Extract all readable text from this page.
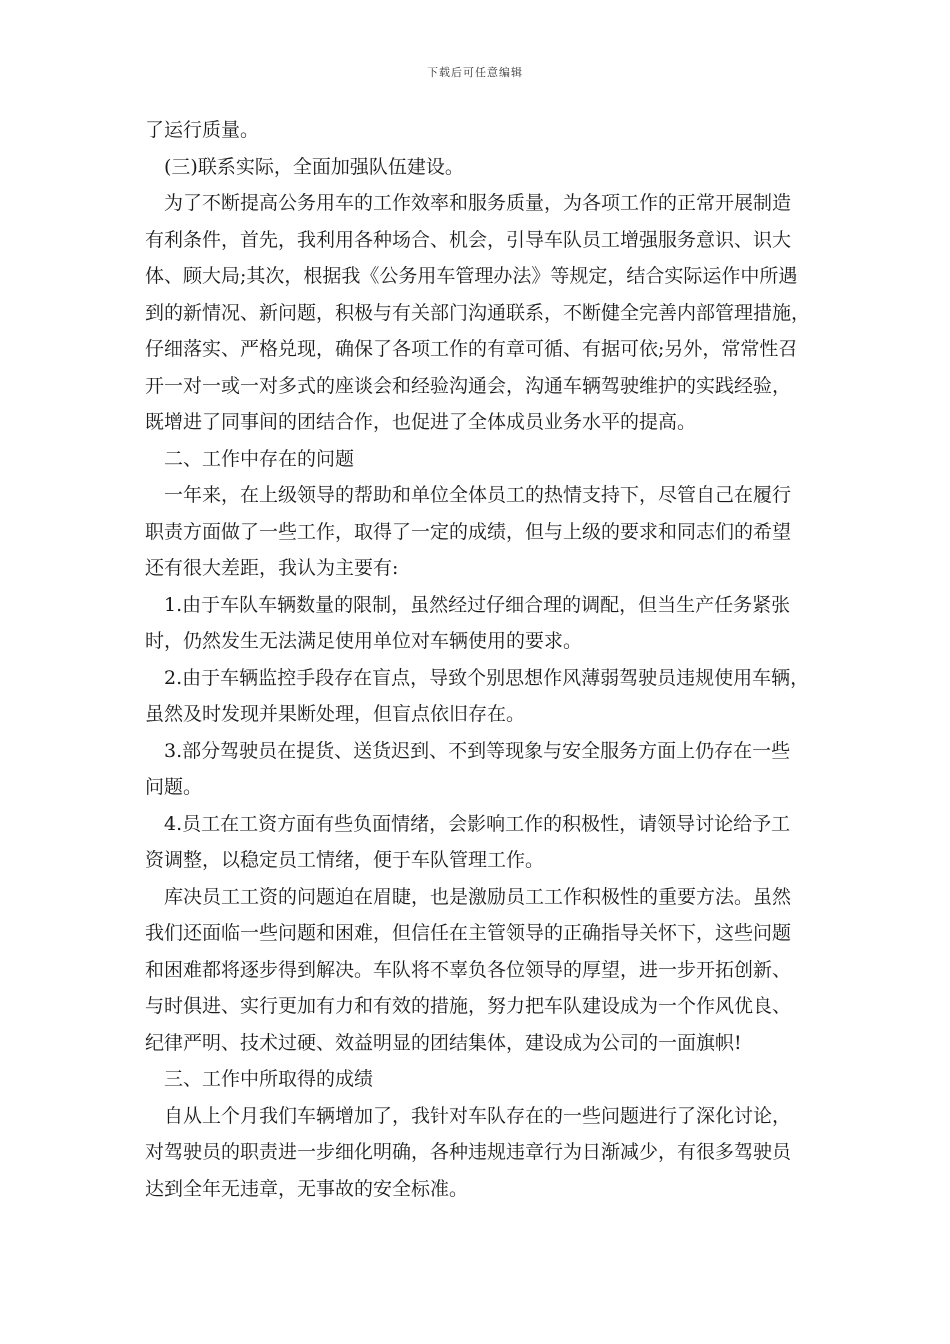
下载后可任意编辑
了运行质量。
(三)联系实际，全面加强队伍建设。
为了不断提高公务用车的工作效率和服务质量，为各项工作的正常开展制造
有利条件，首先，我利用各种场合、机会，引导车队员工增强服务意识、识大
体、顾大局;其次，根据我《公务用车管理办法》等规定，结合实际运作中所遇
到的新情况、新问题，积极与有关部门沟通联系，不断健全完善内部管理措施，
仔细落实、严格兑现，确保了各项工作的有章可循、有据可依;另外，常常性召
开一对一或一对多式的座谈会和经验沟通会，沟通车辆驾驶维护的实践经验，
既增进了同事间的团结合作，也促进了全体成员业务水平的提高。
二、工作中存在的问题
一年来，在上级领导的帮助和单位全体员工的热情支持下，尽管自己在履行
职责方面做了一些工作，取得了一定的成绩，但与上级的要求和同志们的希望
还有很大差距，我认为主要有:
1.由于车队车辆数量的限制，虽然经过仔细合理的调配，但当生产任务紧张
时，仍然发生无法满足使用单位对车辆使用的要求。
2.由于车辆监控手段存在盲点，导致个别思想作风薄弱驾驶员违规使用车辆，
虽然及时发现并果断处理，但盲点依旧存在。
3.部分驾驶员在提货、送货迟到、不到等现象与安全服务方面上仍存在一些
问题。
4.员工在工资方面有些负面情绪，会影响工作的积极性，请领导讨论给予工
资调整，以稳定员工情绪，便于车队管理工作。
库决员工工资的问题迫在眉睫，也是激励员工工作积极性的重要方法。虽然
我们还面临一些问题和困难，但信任在主管领导的正确指导关怀下，这些问题
和困难都将逐步得到解决。车队将不辜负各位领导的厚望，进一步开拓创新、
与时俱进、实行更加有力和有效的措施，努力把车队建设成为一个作风优良、
纪律严明、技术过硬、效益明显的团结集体，建设成为公司的一面旗帜!
三、工作中所取得的成绩
自从上个月我们车辆增加了，我针对车队存在的一些问题进行了深化讨论，
对驾驶员的职责进一步细化明确，各种违规违章行为日渐减少，有很多驾驶员
达到全年无违章，无事故的安全标准。
